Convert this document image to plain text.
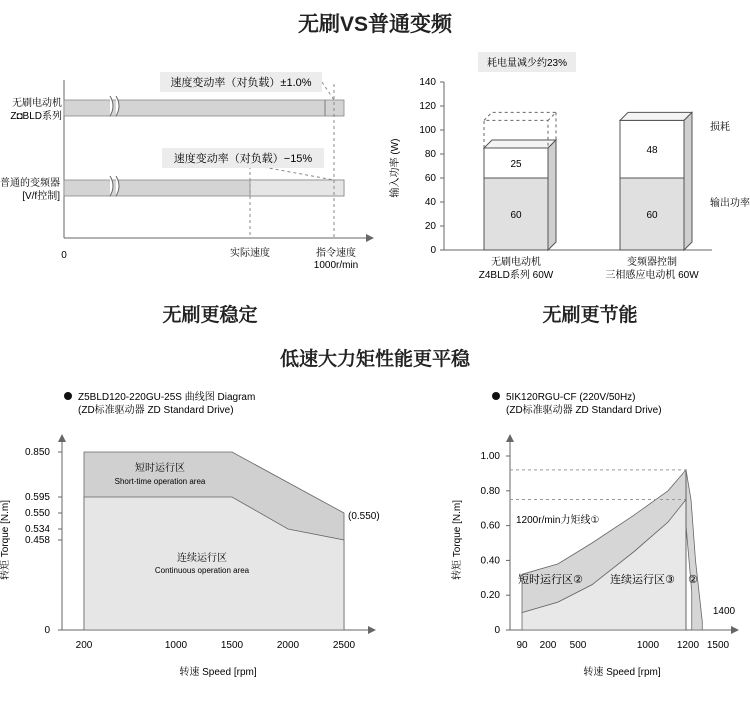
无刷VS普通变频
无刷更稳定	无刷更节能
低速大力矩性能更平稳
速度变动率（对负载）±1.0%
速度变动率（对负载）−15%
无刷电动机
Z◘BLD系列
普通的变频器
[V/f控制]
0	实际速度	指令速度
1000r/min
输入功率 (W)
0
20
40
60
80
100
120
140
60
25
60
48
耗电量减少约23%
损耗
输出功率
无刷电动机
Z4BLD系列 60W
变频器控制
三相感应电动机 60W
Z5BLD120-220GU-25S 曲线图 Diagram
(ZD标准驱动器 ZD Standard Drive)
0
0.458
0.534
0.550
0.595
0.850
200	1000	1500	2000	2500
短时运行区
Short-time operation area
连续运行区
Continuous operation area
(0.550)
转矩 Torque [N.m]
转速 Speed [rpm]
5IK120RGU-CF (220V/50Hz)
(ZD标准驱动器 ZD Standard Drive)
0
0.20
0.40
0.60
0.80
1.00
90 200 500	1000 1200 1500
1400
1200r/min力矩线①
短时运行区② 连续运行区③ ②
转矩 Torque [N.m]
转速 Speed [rpm]
